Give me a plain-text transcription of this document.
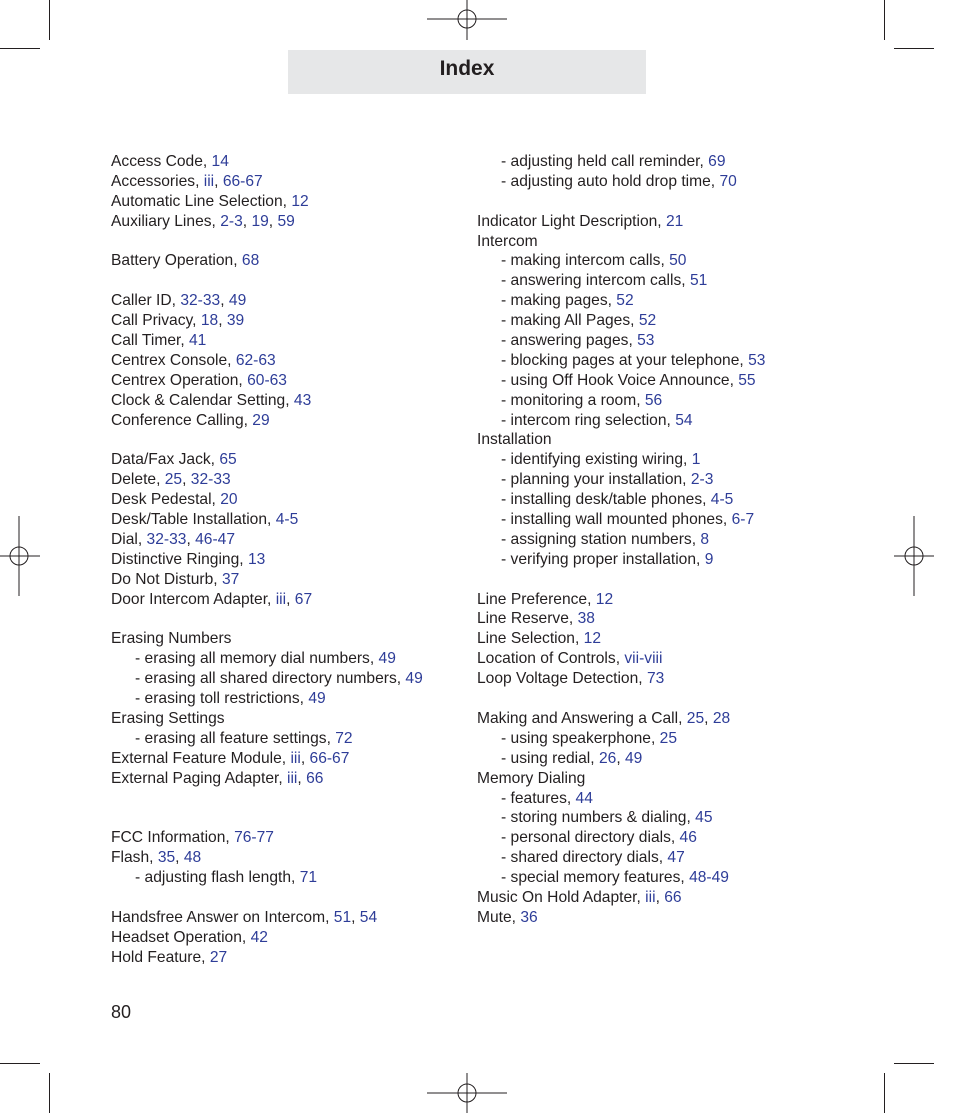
Index
Access Code, 14
Accessories, iii, 66-67
Automatic Line Selection, 12
Auxiliary Lines, 2-3, 19, 59
Battery Operation, 68
Caller ID, 32-33, 49
Call Privacy, 18, 39
Call Timer, 41
Centrex Console, 62-63
Centrex Operation, 60-63
Clock & Calendar Setting, 43
Conference Calling, 29
Data/Fax Jack, 65
Delete, 25, 32-33
Desk Pedestal, 20
Desk/Table Installation, 4-5
Dial, 32-33, 46-47
Distinctive Ringing, 13
Do Not Disturb, 37
Door Intercom Adapter, iii, 67
Erasing Numbers
- erasing all memory dial numbers, 49
- erasing all shared directory numbers, 49
- erasing toll restrictions, 49
Erasing Settings
- erasing all feature settings, 72
External Feature Module, iii, 66-67
External Paging Adapter, iii, 66
FCC Information, 76-77
Flash, 35, 48
- adjusting flash length, 71
Handsfree Answer on Intercom, 51, 54
Headset Operation, 42
Hold Feature, 27
- adjusting held call reminder, 69
- adjusting auto hold drop time, 70
Indicator Light Description, 21
Intercom
- making intercom calls, 50
- answering intercom calls, 51
- making pages, 52
- making All Pages, 52
- answering pages, 53
- blocking pages at your telephone, 53
- using Off Hook Voice Announce, 55
- monitoring a room, 56
- intercom ring selection, 54
Installation
- identifying existing wiring, 1
- planning your installation, 2-3
- installing desk/table phones, 4-5
- installing wall mounted phones, 6-7
- assigning station numbers, 8
- verifying proper installation, 9
Line Preference, 12
Line Reserve, 38
Line Selection, 12
Location of Controls, vii-viii
Loop Voltage Detection, 73
Making and Answering a Call, 25, 28
- using speakerphone, 25
- using redial, 26, 49
Memory Dialing
- features, 44
- storing numbers & dialing, 45
- personal directory dials, 46
- shared directory dials, 47
- special memory features, 48-49
Music On Hold Adapter, iii, 66
Mute, 36
80
